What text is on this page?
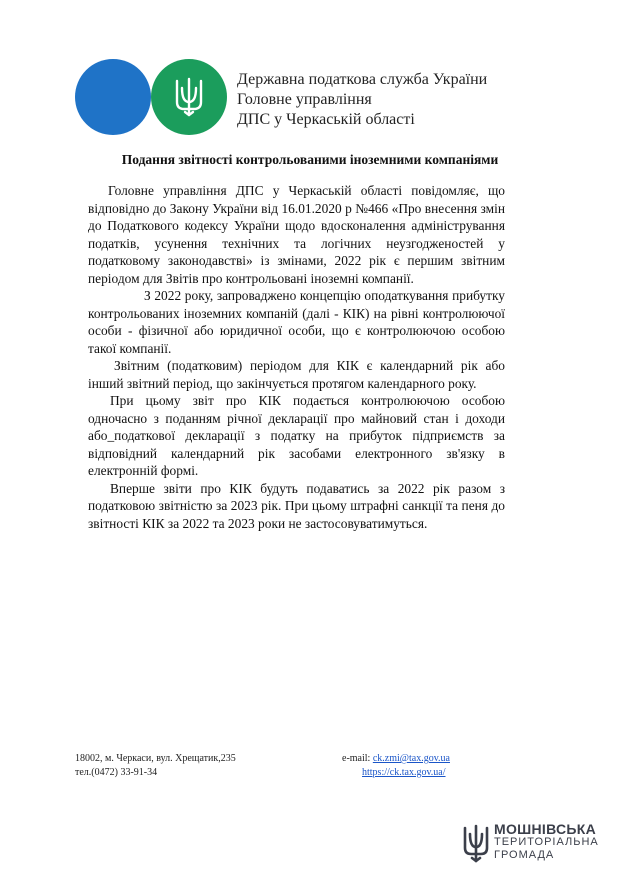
Державна податкова служба України
Головне управління
ДПС у Черкаській області
Подання звітності контрольованими іноземними компаніями

Головне управління ДПС у Черкаській області повідомляє, що відповідно до Закону України від 16.01.2020 р №466 «Про внесення змін до Податкового кодексу України щодо вдосконалення адміністрування податків, усунення технічних та логічних неузгодженостей у податковому законодавстві» із змінами, 2022 рік є першим звітним періодом для Звітів про контрольовані іноземні компанії.

З 2022 року, запроваджено концепцію оподаткування прибутку контрольованих іноземних компаній (далі - КІК) на рівні контролюючої особи - фізичної або юридичної особи, що є контролюючою особою такої компанії.

Звітним (податковим) періодом для КІК є календарний рік або інший звітний період, що закінчується протягом календарного року.

При цьому звіт про КІК подається контролюючою особою одночасно з поданням річної декларації про майновий стан і доходи або_податкової декларації з податку на прибуток підприємств за відповідний календарний рік засобами електронного зв'язку в електронній формі.

Вперше звіти про КІК будуть подаватись за 2022 рік разом з податковою звітністю за 2023 рік. При цьому штрафні санкції та пеня до звітності КІК за 2022 та 2023 роки не застосовуватимуться.

18002, м. Черкаси, вул. Хрещатик,235
тел.(0472) 33-91-34
e-mail: ck.zmi@tax.gov.ua
https://ck.tax.gov.ua/
МОШНІВСЬКА
ТЕРИТОРІАЛЬНА
ГРОМАДА
